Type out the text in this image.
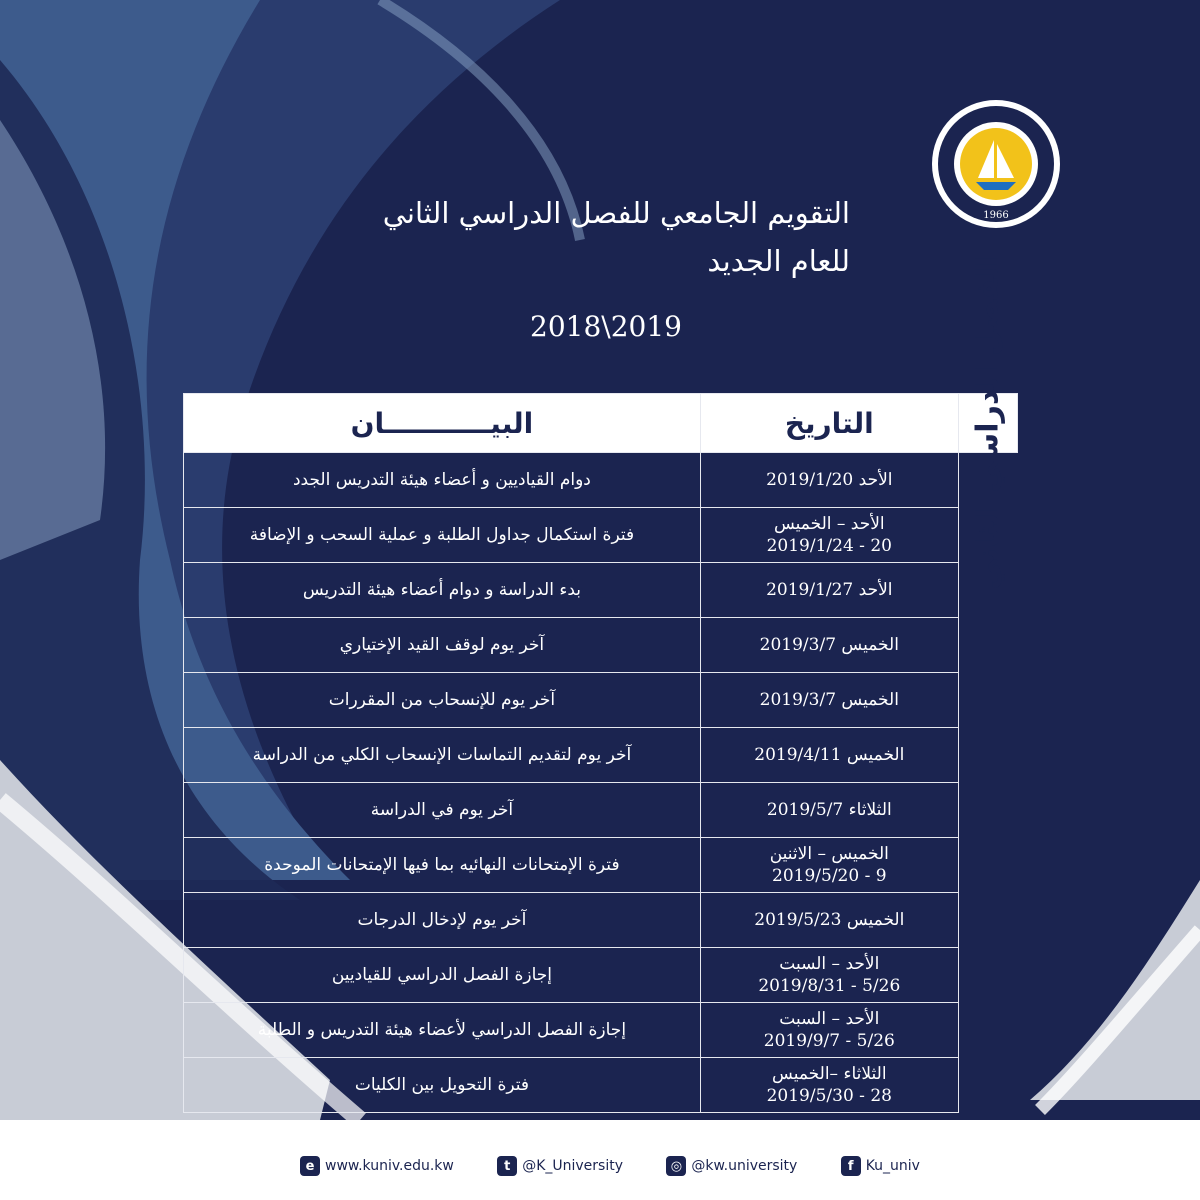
1966
التقويم الجامعي للفصل الدراسي الثاني
للعام الجديد
2018\2019
البيـــــــــــان	التاريخ	الفصل الدراسي الثاني

دوام القياديين و أعضاء هيئة التدريس الجدد	الأحد 2019/1/20	
فترة استكمال جداول الطلبة و عملية السحب و الإضافة	الأحد – الخميس
20 - 2019/1/24	
بدء الدراسة و دوام أعضاء هيئة التدريس	الأحد 2019/1/27	
آخر يوم لوقف القيد الإختياري	الخميس 2019/3/7	
آخر يوم للإنسحاب من المقررات	الخميس 2019/3/7	
آخر يوم لتقديم التماسات الإنسحاب الكلي من الدراسة	الخميس 2019/4/11	
آخر يوم في الدراسة	الثلاثاء 2019/5/7	
فترة الإمتحانات النهائيه بما فيها الإمتحانات الموحدة	الخميس – الاثنين
9 - 2019/5/20	
آخر يوم لإدخال الدرجات	الخميس 2019/5/23	
إجازة الفصل الدراسي للقياديين	الأحد – السبت
5/26 - 2019/8/31	
إجازة الفصل الدراسي لأعضاء هيئة التدريس و الطلبة	الأحد – السبت
5/26 - 2019/9/7	
فترة التحويل بين الكليات	الثلاثاء –الخميس
28 - 2019/5/30	
e www.kuniv.edu.kw	t @K_University	◎ @kw.university	f Ku_univ
